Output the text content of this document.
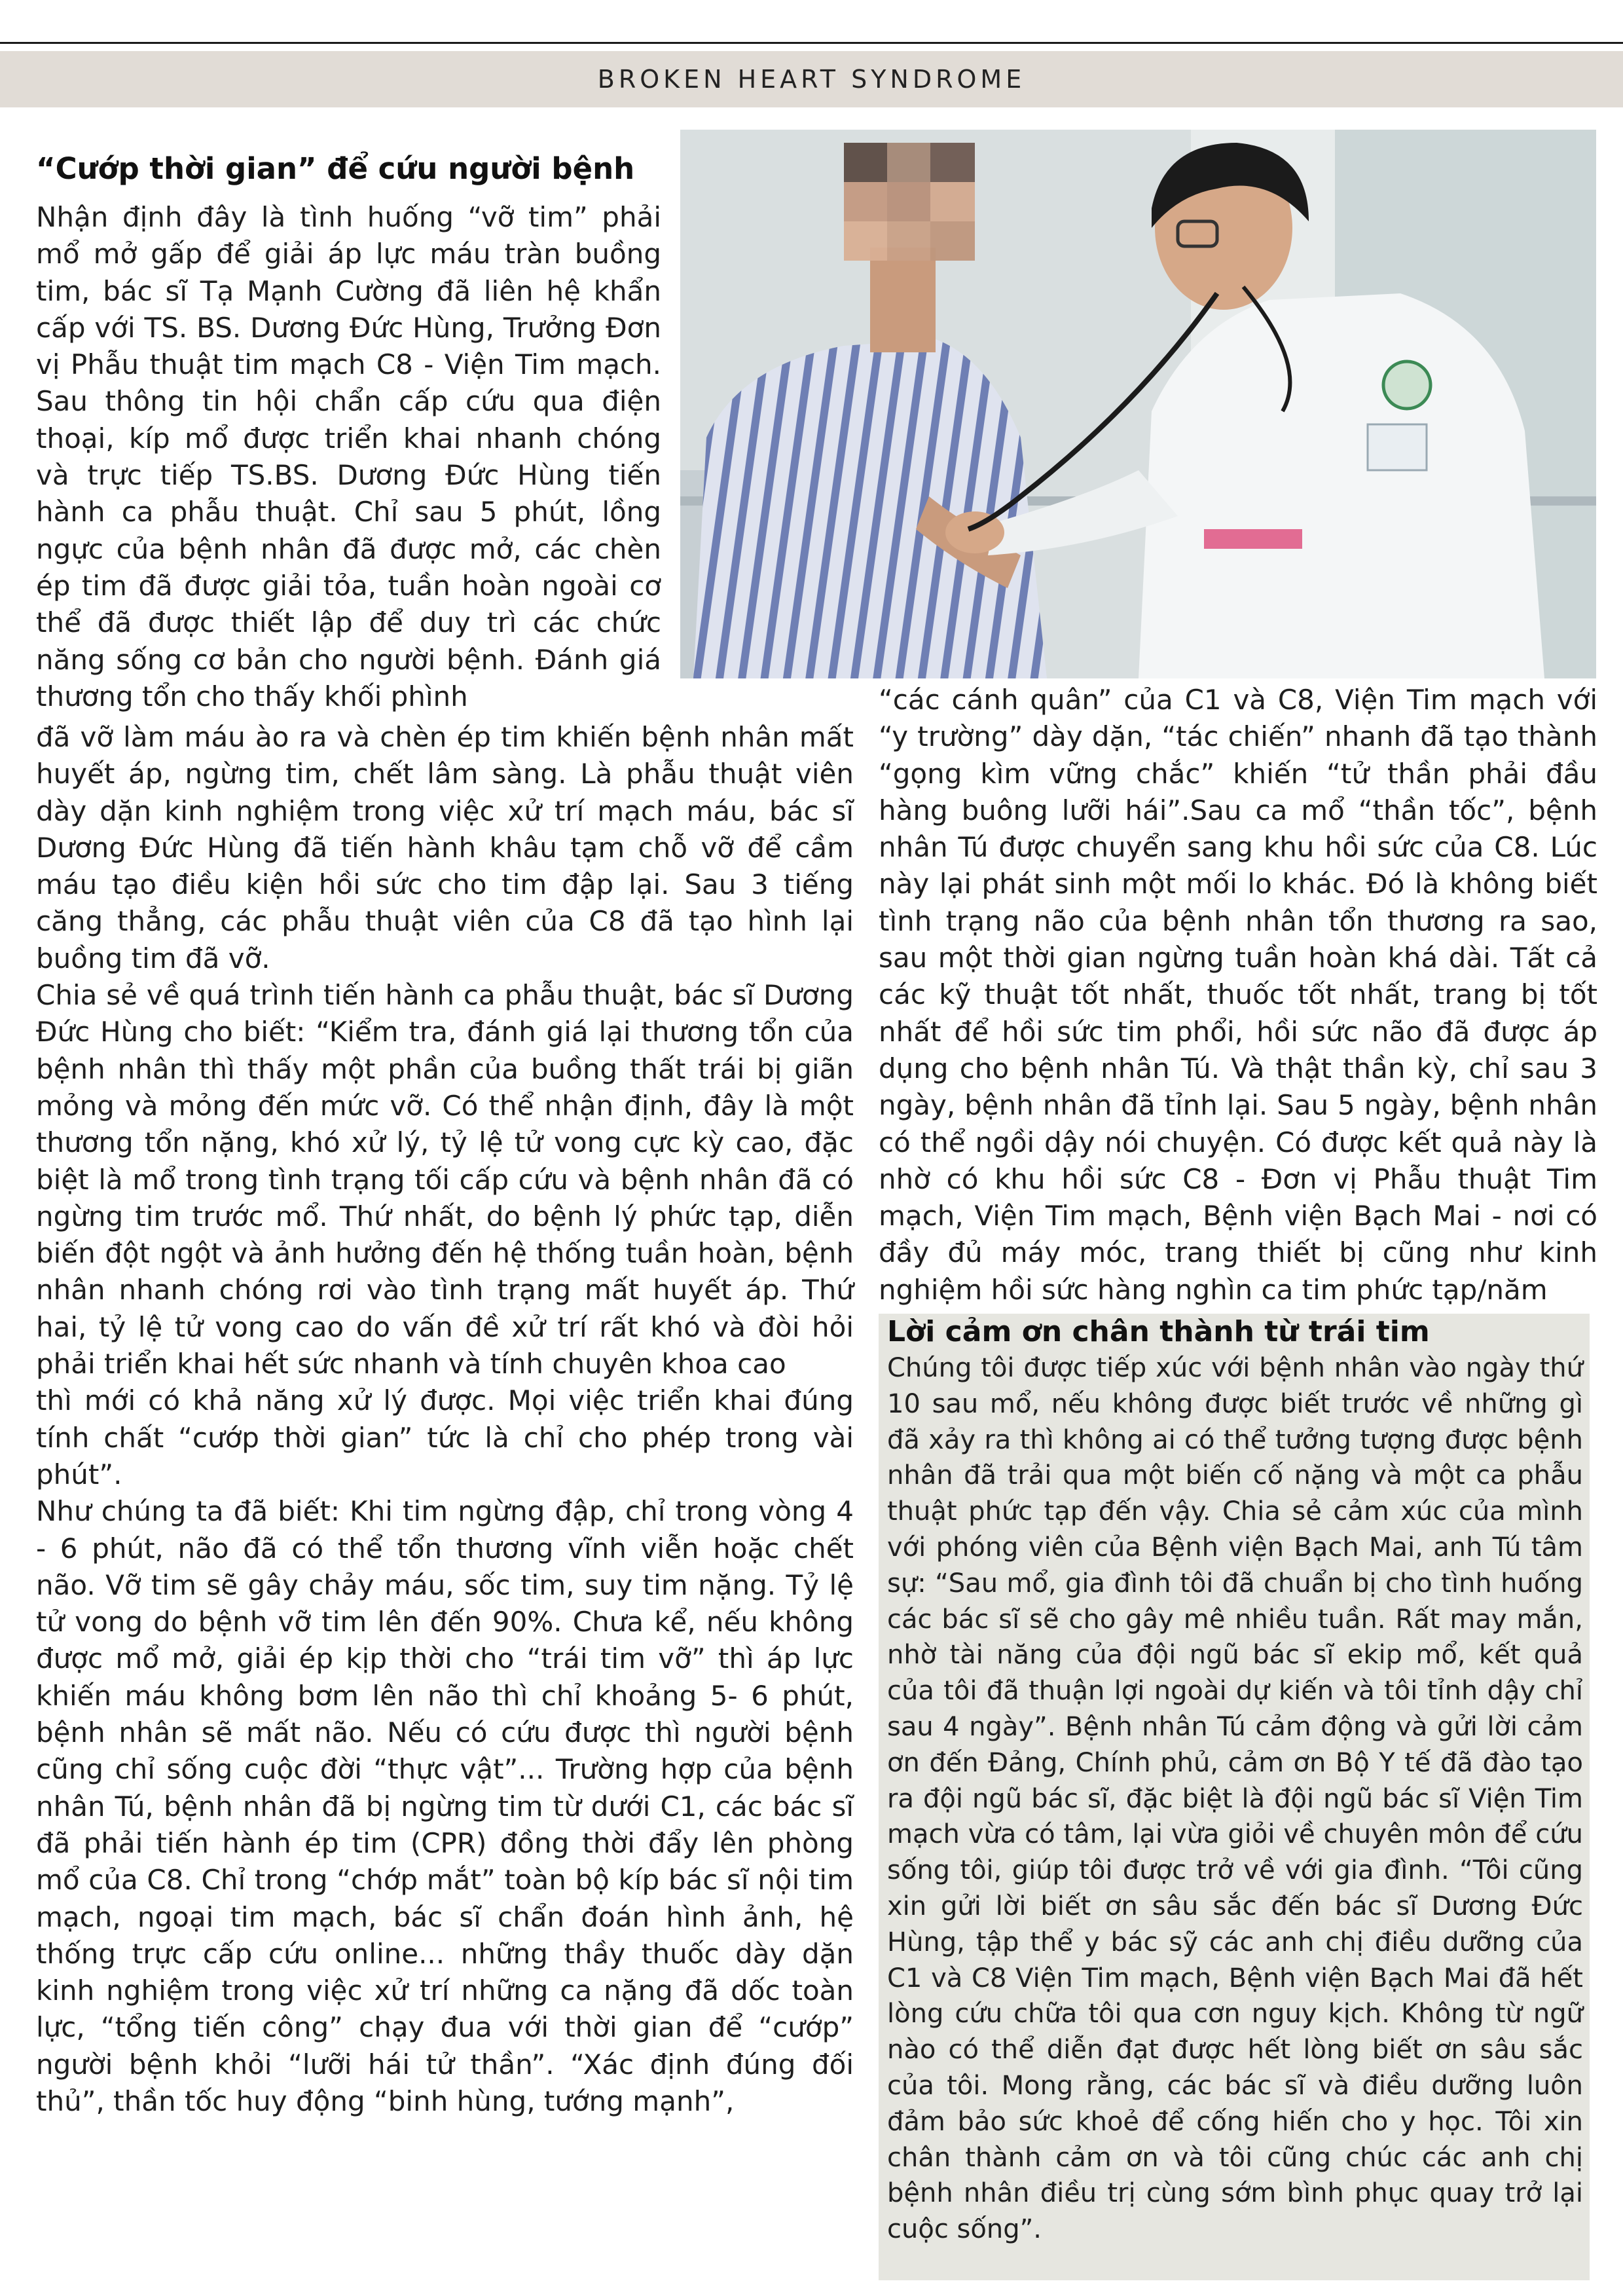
BROKEN HEART SYNDROME
“Cướp thời gian” để cứu người bệnh

Nhận định đây là tình huống “vỡ tim” phải mổ mở gấp để giải áp lực máu tràn buồng tim, bác sĩ Tạ Mạnh Cường đã liên hệ khẩn cấp với TS. BS. Dương Đức Hùng, Trưởng Đơn vị Phẫu thuật tim mạch C8 - Viện Tim mạch. Sau thông tin hội chẩn cấp cứu qua điện thoại, kíp mổ được triển khai nhanh chóng và trực tiếp TS.BS. Dương Đức Hùng tiến hành ca phẫu thuật. Chỉ sau 5 phút, lồng ngực của bệnh nhân đã được mở, các chèn ép tim đã được giải tỏa, tuần hoàn ngoài cơ thể đã được thiết lập để duy trì các chức năng sống cơ bản cho người bệnh. Đánh giá thương tổn cho thấy khối phình

đã vỡ làm máu ào ra và chèn ép tim khiến bệnh nhân mất huyết áp, ngừng tim, chết lâm sàng. Là phẫu thuật viên dày dặn kinh nghiệm trong việc xử trí mạch máu, bác sĩ Dương Đức Hùng đã tiến hành khâu tạm chỗ vỡ để cầm máu tạo điều kiện hồi sức cho tim đập lại. Sau 3 tiếng căng thẳng, các phẫu thuật viên của C8 đã tạo hình lại buồng tim đã vỡ.

Chia sẻ về quá trình tiến hành ca phẫu thuật, bác sĩ Dương Đức Hùng cho biết: “Kiểm tra, đánh giá lại thương tổn của bệnh nhân thì thấy một phần của buồng thất trái bị giãn mỏng và mỏng đến mức vỡ. Có thể nhận định, đây là một thương tổn nặng, khó xử lý, tỷ lệ tử vong cực kỳ cao, đặc biệt là mổ trong tình trạng tối cấp cứu và bệnh nhân đã có ngừng tim trước mổ. Thứ nhất, do bệnh lý phức tạp, diễn biến đột ngột và ảnh hưởng đến hệ thống tuần hoàn, bệnh nhân nhanh chóng rơi vào tình trạng mất huyết áp. Thứ hai, tỷ lệ tử vong cao do vấn đề xử trí rất khó và đòi hỏi phải triển khai hết sức nhanh và tính chuyên khoa cao

thì mới có khả năng xử lý được. Mọi việc triển khai đúng tính chất “cướp thời gian” tức là chỉ cho phép trong vài phút”.

Như chúng ta đã biết: Khi tim ngừng đập, chỉ trong vòng 4 - 6 phút, não đã có thể tổn thương vĩnh viễn hoặc chết não. Vỡ tim sẽ gây chảy máu, sốc tim, suy tim nặng. Tỷ lệ tử vong do bệnh vỡ tim lên đến 90%. Chưa kể, nếu không được mổ mở, giải ép kịp thời cho “trái tim vỡ” thì áp lực khiến máu không bơm lên não thì chỉ khoảng 5- 6 phút, bệnh nhân sẽ mất não. Nếu có cứu được thì người bệnh cũng chỉ sống cuộc đời “thực vật”... Trường hợp của bệnh nhân Tú, bệnh nhân đã bị ngừng tim từ dưới C1, các bác sĩ đã phải tiến hành ép tim (CPR) đồng thời đẩy lên phòng mổ của C8. Chỉ trong “chớp mắt” toàn bộ kíp bác sĩ nội tim mạch, ngoại tim mạch, bác sĩ chẩn đoán hình ảnh, hệ thống trực cấp cứu online... những thầy thuốc dày dặn kinh nghiệm trong việc xử trí những ca nặng đã dốc toàn lực, “tổng tiến công” chạy đua với thời gian để “cướp” người bệnh khỏi “lưỡi hái tử thần”. “Xác định đúng đối thủ”, thần tốc huy động “binh hùng, tướng mạnh”,

“các cánh quân” của C1 và C8, Viện Tim mạch với “y trường” dày dặn, “tác chiến” nhanh đã tạo thành “gọng kìm vững chắc” khiến “tử thần phải đầu hàng buông lưỡi hái”.Sau ca mổ “thần tốc”, bệnh nhân Tú được chuyển sang khu hồi sức của C8. Lúc này lại phát sinh một mối lo khác. Đó là không biết tình trạng não của bệnh nhân tổn thương ra sao, sau một thời gian ngừng tuần hoàn khá dài. Tất cả các kỹ thuật tốt nhất, thuốc tốt nhất, trang bị tốt nhất để hồi sức tim phổi, hồi sức não đã được áp dụng cho bệnh nhân Tú. Và thật thần kỳ, chỉ sau 3 ngày, bệnh nhân đã tỉnh lại. Sau 5 ngày, bệnh nhân có thể ngồi dậy nói chuyện. Có được kết quả này là nhờ có khu hồi sức C8 - Đơn vị Phẫu thuật Tim mạch, Viện Tim mạch, Bệnh viện Bạch Mai - nơi có đầy đủ máy móc, trang thiết bị cũng như kinh nghiệm hồi sức hàng nghìn ca tim phức tạp/năm

Lời cảm ơn chân thành từ trái tim

Chúng tôi được tiếp xúc với bệnh nhân vào ngày thứ 10 sau mổ, nếu không được biết trước về những gì đã xảy ra thì không ai có thể tưởng tượng được bệnh nhân đã trải qua một biến cố nặng và một ca phẫu thuật phức tạp đến vậy. Chia sẻ cảm xúc của mình với phóng viên của Bệnh viện Bạch Mai, anh Tú tâm sự: “Sau mổ, gia đình tôi đã chuẩn bị cho tình huống các bác sĩ sẽ cho gây mê nhiều tuần. Rất may mắn, nhờ tài năng của đội ngũ bác sĩ ekip mổ, kết quả của tôi đã thuận lợi ngoài dự kiến và tôi tỉnh dậy chỉ sau 4 ngày”. Bệnh nhân Tú cảm động và gửi lời cảm ơn đến Đảng, Chính phủ, cảm ơn Bộ Y tế đã đào tạo ra đội ngũ bác sĩ, đặc biệt là đội ngũ bác sĩ Viện Tim mạch vừa có tâm, lại vừa giỏi về chuyên môn để cứu sống tôi, giúp tôi được trở về với gia đình. “Tôi cũng xin gửi lời biết ơn sâu sắc đến bác sĩ Dương Đức Hùng, tập thể y bác sỹ các anh chị điều dưỡng của C1 và C8 Viện Tim mạch, Bệnh viện Bạch Mai đã hết lòng cứu chữa tôi qua cơn nguy kịch. Không từ ngữ nào có thể diễn đạt được hết lòng biết ơn sâu sắc của tôi. Mong rằng, các bác sĩ và điều dưỡng luôn đảm bảo sức khoẻ để cống hiến cho y học. Tôi xin chân thành cảm ơn và tôi cũng chúc các anh chị bệnh nhân điều trị cùng sớm bình phục quay trở lại cuộc sống”.
